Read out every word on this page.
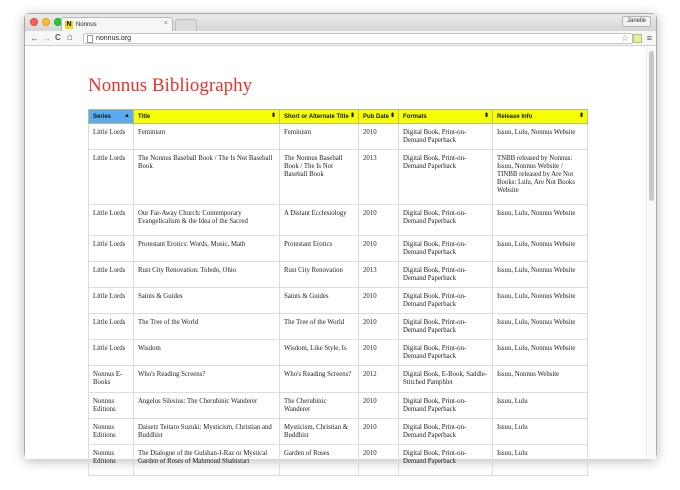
N Nonnus	×	Janelle
← → C ⌂	nonnus.org	☆ ≡
Nonnus Bibliography
Series ▲	Title ⬍	Short or Alternate Title ⬍	Pub Date ⬍	Formats ⬍	Release Info ⬍

Little Lords	Feminism	Feminism	2010	Digital Book, Print-on-Demand Paperback	Issuu, Lulu, Nonnus Website
Little Lords	The Nonnus Baseball Book / The Is Not Baseball Book	The Nonnus Baseball Book / The Is Not Baseball Book	2013	Digital Book, Print-on-Demand Paperback	TNBB released by Nonnus: Issuu, Nonnus Website / TINBB released by Are Not Books: Lulu, Are Not Books Website
Little Lords	Our Far-Away Church: Contemporary Evangelicalism & the Idea of the Sacred	A Distant Ecclesiology	2010	Digital Book, Print-on-Demand Paperback	Issuu, Lulu, Nonnus Website
Little Lords	Protestant Erotics: Words, Music, Math	Protestant Erotics	2010	Digital Book, Print-on-Demand Paperback	Issuu, Lulu, Nonnus Website
Little Lords	Rust City Renovation: Toledo, Ohio	Rust City Renovation	2013	Digital Book, Print-on-Demand Paperback	Issuu, Lulu, Nonnus Website
Little Lords	Saints & Guides	Saints & Guides	2010	Digital Book, Print-on-Demand Paperback	Issuu, Lulu, Nonnus Website
Little Lords	The Tree of the World	The Tree of the World	2010	Digital Book, Print-on-Demand Paperback	Issuu, Lulu, Nonnus Website
Little Lords	Wisdom	Wisdom, Like Style, Is	2010	Digital Book, Print-on-Demand Paperback	Issuu, Lulu, Nonnus Website
Nonnus E-Books	Who's Reading Screens?	Who's Reading Screens?	2012	Digital Book, E-Book, Saddle-Stitched Pamphlet	Issuu, Nonnus Website
Nonnus Editions	Angelus Silesius: The Cherubinic Wanderer	The Cherubinic Wanderer	2010	Digital Book, Print-on-Demand Paperback	Issuu, Lulu
Nonnus Editions	Daisetz Teitaro Suzuki: Mysticism, Christian and Buddhist	Mysticism, Christian & Buddhist	2010	Digital Book, Print-on-Demand Paperback	Issuu, Lulu
Nonnus Editions	The Dialogue of the Gulshan-I-Raz or Mystical Garden of Roses of Mahmoud Shabistari	Garden of Roses	2010	Digital Book, Print-on-Demand Paperback	Issuu, Lulu
